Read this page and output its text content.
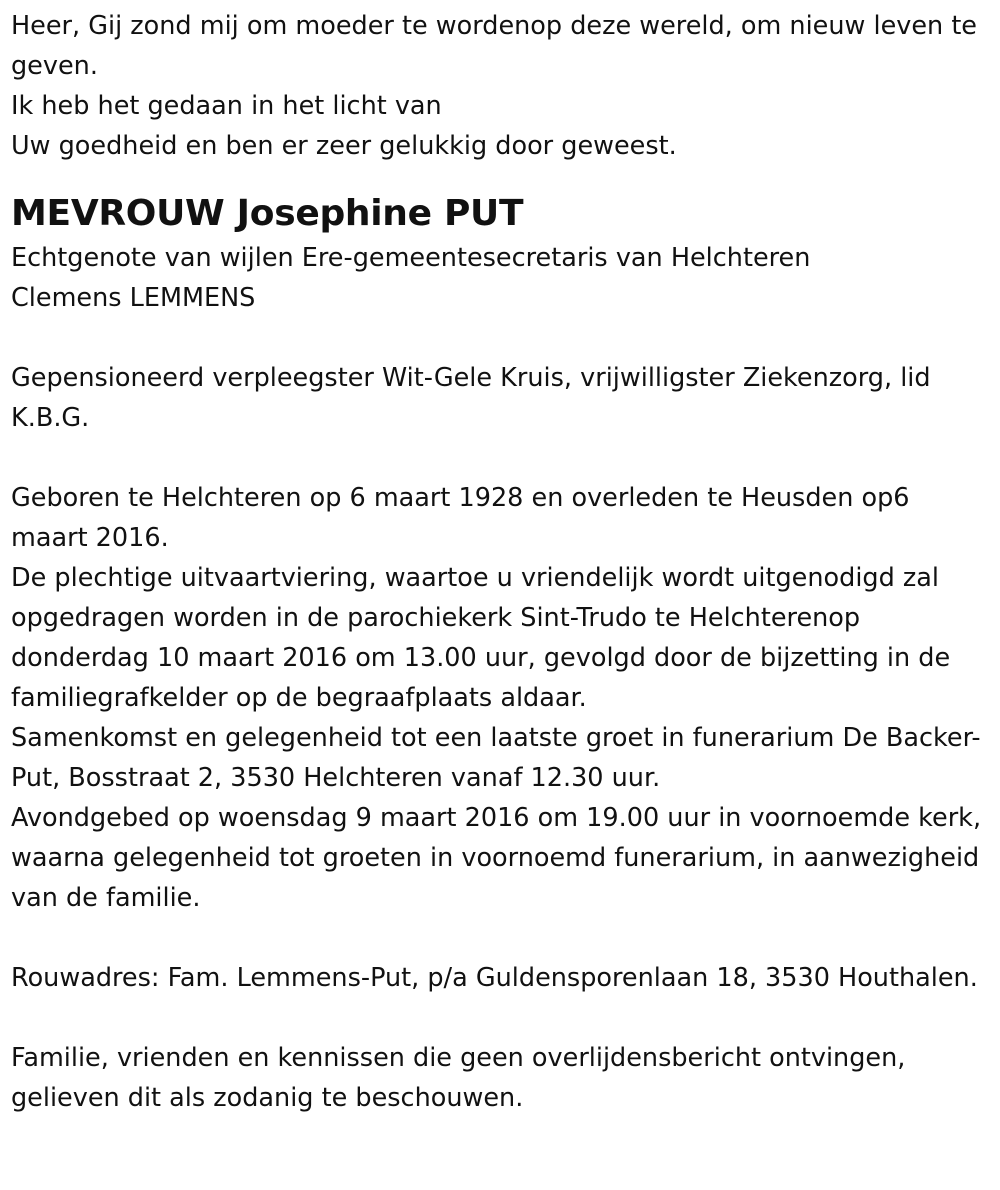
Heer, Gij zond mij om moeder te wordenop deze wereld, om nieuw leven te geven.

Ik heb het gedaan in het licht van

Uw goedheid en ben er zeer gelukkig door geweest.

MEVROUW Josephine PUT

Echtgenote van wijlen Ere-gemeentesecretaris van Helchteren

Clemens LEMMENS

Gepensioneerd verpleegster Wit-Gele Kruis, vrijwilligster Ziekenzorg, lid K.B.G.

Geboren te Helchteren op 6 maart 1928 en overleden te Heusden op6 maart 2016.

De plechtige uitvaartviering, waartoe u vriendelijk wordt uitgenodigd zal opgedragen worden in de parochiekerk Sint-Trudo te Helchterenop donderdag 10 maart 2016 om 13.00 uur, gevolgd door de bijzetting in de familiegrafkelder op de begraafplaats aldaar.

Samenkomst en gelegenheid tot een laatste groet in funerarium De Backer-Put, Bosstraat 2, 3530 Helchteren vanaf 12.30 uur.

Avondgebed op woensdag 9 maart 2016 om 19.00 uur in voornoemde kerk, waarna gelegenheid tot groeten in voornoemd funerarium, in aanwezigheid van de familie.

Rouwadres: Fam. Lemmens-Put, p/a Guldensporenlaan 18, 3530 Houthalen.

Familie, vrienden en kennissen die geen overlijdensbericht ontvingen, gelieven dit als zodanig te beschouwen.
